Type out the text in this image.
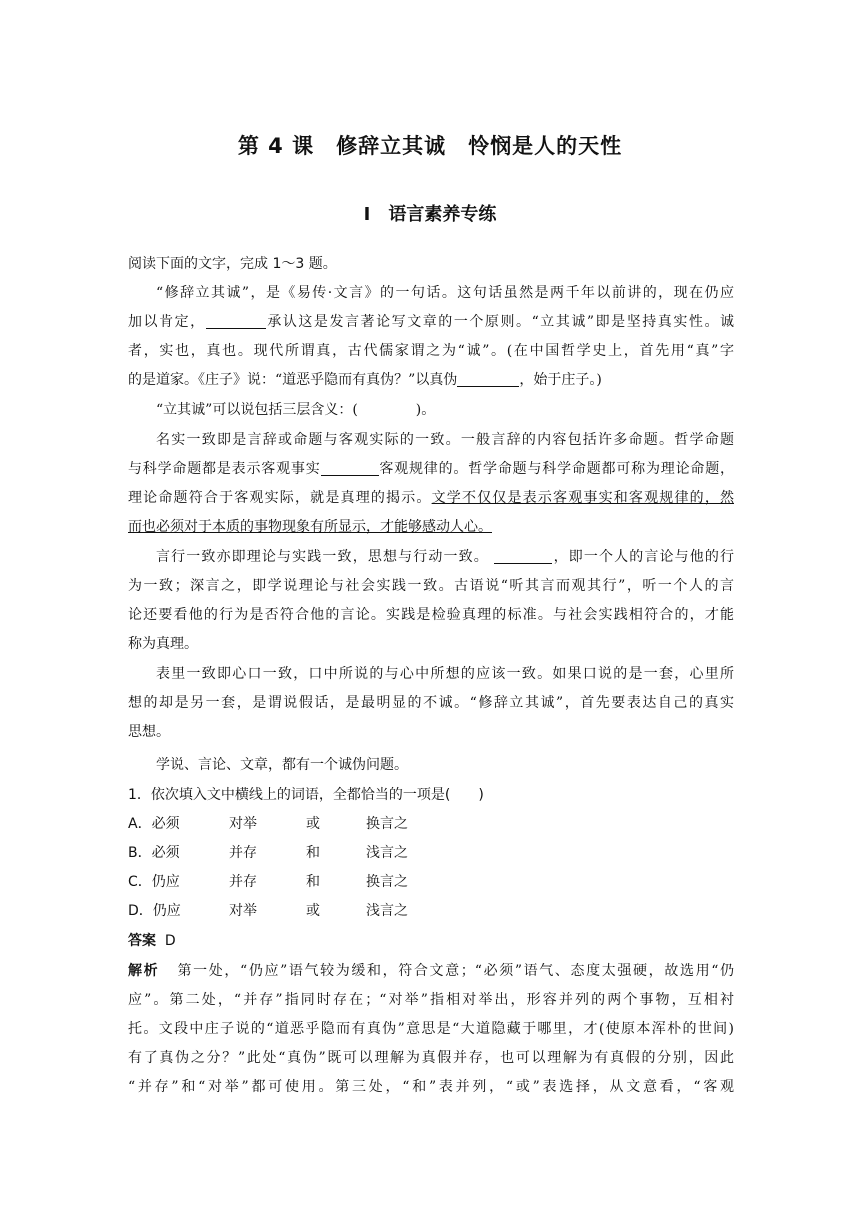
第 4 课　修辞立其诚　怜悯是人的天性
Ⅰ　语言素养专练
阅读下面的文字，完成 1～3 题。
“修辞立其诚”，是《易传·文言》的一句话。这句话虽然是两千年以前讲的，现在仍应
加以肯定，	承认这是发言著论写文章的一个原则。“立其诚”即是坚持真实性。诚
者，实也，真也。现代所谓真，古代儒家谓之为“诚”。(在中国哲学史上，首先用“真”字
的是道家。《庄子》说：“道恶乎隐而有真伪？”以真伪	，始于庄子。)
“立其诚”可以说包括三层含义：(	)。
名实一致即是言辞或命题与客观实际的一致。一般言辞的内容包括许多命题。哲学命题
与科学命题都是表示客观事实	客观规律的。哲学命题与科学命题都可称为理论命题，
理论命题符合于客观实际，就是真理的揭示。文学不仅仅是表示客观事实和客观规律的，然
而也必须对于本质的事物现象有所显示，才能够感动人心。
言行一致亦即理论与实践一致，思想与行动一致。	，即一个人的言论与他的行
为一致；深言之，即学说理论与社会实践一致。古语说“听其言而观其行”，听一个人的言
论还要看他的行为是否符合他的言论。实践是检验真理的标准。与社会实践相符合的，才能
称为真理。
表里一致即心口一致，口中所说的与心中所想的应该一致。如果口说的是一套，心里所
想的却是另一套，是谓说假话，是最明显的不诚。“修辞立其诚”，首先要表达自己的真实
思想。
学说、言论、文章，都有一个诚伪问题。
1．依次填入文中横线上的词语，全都恰当的一项是(　　)
A．必须	对举	或	换言之
B．必须	并存	和	浅言之
C．仍应	并存	和	换言之
D．仍应	对举	或	浅言之
答案 D
解析 第一处，“仍应”语气较为缓和，符合文意；“必须”语气、态度太强硬，故选用“仍
应”。第二处，“并存”指同时存在；“对举”指相对举出，形容并列的两个事物，互相衬
托。文段中庄子说的“道恶乎隐而有真伪”意思是“大道隐藏于哪里，才(使原本浑朴的世间)
有了真伪之分？”此处“真伪”既可以理解为真假并存，也可以理解为有真假的分别，因此
“并存”和“对举”都可使用。第三处，“和”表并列，“或”表选择，从文意看，“客观
